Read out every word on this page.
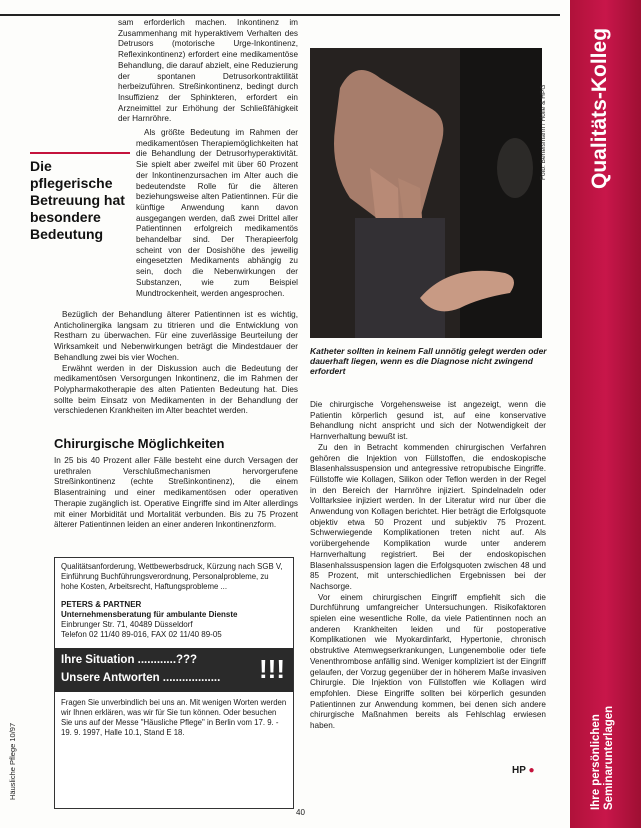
sam erforderlich machen. Inkontinenz im Zusammenhang mit hyperaktivem Verhalten des Detrusors (motorische Urge-Inkontinenz, Reflexinkontinenz) erfordert eine medikamentöse Behandlung, die darauf abzielt, eine Reduzierung der spontanen Detrusorkontraktilität herbeizuführen. Streßinkontinenz, bedingt durch Insuffizienz der Sphinkteren, erfordert ein Arzneimittel zur Erhöhung der Schließfähigkeit der Harnröhre.

Als größte Bedeutung im Rahmen der medikamentösen Therapiemöglichkeiten hat die Behandlung der Detrusorhyperaktivität. Sie spielt aber zweifel mit über 60 Prozent der Inkontinenzursachen im Alter auch die bedeutendste Rolle für die älteren beziehungsweise alten Patientinnen. Für die künftige Anwendung kann davon ausgegangen werden, daß zwei Drittel aller Patientinnen erfolgreich medikamentös behandelbar sind. Der Therapieerfolg scheint von der Dosishöhe des jeweilig eingesetzten Medikaments abhängig zu sein, doch die Nebenwirkungen der Substanzen, wie zum Beispiel Mundtrockenheit, werden angesprochen.

Bezüglich der Behandlung älterer Patientinnen ist es wichtig, Anticholinergika langsam zu titrieren und die Entwicklung von Restharn zu überwachen. Für eine zuverlässige Beurteilung der Wirksamkeit und Nebenwirkungen beträgt die Mindestdauer der Behandlung zwei bis vier Wochen.

Erwähnt werden in der Diskussion auch die Bedeutung der medikamentösen Versorgungen Inkontinenz, die im Rahmen der Polypharmakotherapie des alten Patienten Bedeutung hat. Dies sollte beim Einsatz von Medikamenten in der Behandlung der verschiedenen Krankheiten im Alter beachtet werden.

Die pflegerische Betreuung hat besondere Bedeutung
Chirurgische Möglichkeiten

In 25 bis 40 Prozent aller Fälle besteht eine durch Versagen der urethralen Verschlußmechanismen hervorgerufene Streßinkontinenz (echte Streßinkontinenz), die einem Blasentraining und einer medikamentösen oder operativen Therapie zugänglich ist. Operative Eingriffe sind im Alter allerdings mit einer Morbidität und Mortalität verbunden. Bis zu 75 Prozent älterer Patientinnen leiden an einer anderen Inkontinenzform.

Foto: Bertelsmann / Holle & HPG
Katheter sollten in keinem Fall unnötig gelegt werden oder dauerhaft liegen, wenn es die Diagnose nicht zwingend erfordert

Die chirurgische Vorgehensweise ist angezeigt, wenn die Patientin körperlich gesund ist, auf eine konservative Behandlung nicht anspricht und sich der Notwendigkeit der Harnverhaltung bewußt ist.

Zu den in Betracht kommenden chirurgischen Verfahren gehören die Injektion von Füllstoffen, die endoskopische Blasenhalssuspension und antegressive retropubische Eingriffe. Füllstoffe wie Kollagen, Silikon oder Teflon werden in der Regel in den Bereich der Harnröhre injiziert. Spindelnadeln oder Volltarksiee injiziert werden. In der Literatur wird nur über die Anwendung von Kollagen berichtet. Hier beträgt die Erfolgsquote objektiv etwa 50 Prozent und subjektiv 75 Prozent. Schwerwiegende Komplikationen treten nicht auf. Als vorübergehende Komplikation wurde unter anderem Harnverhaltung registriert. Bei der endoskopischen Blasenhalssuspension lagen die Erfolgsquoten zwischen 48 und 85 Prozent, mit unterschiedlichen Ergebnissen bei der Nachsorge.

Vor einem chirurgischen Eingriff empfiehlt sich die Durchführung umfangreicher Untersuchungen. Risikofaktoren spielen eine wesentliche Rolle, da viele Patientinnen noch an anderen Krankheiten leiden und für postoperative Komplikationen wie Myokardinfarkt, Hypertonie, chronisch obstruktive Atemwegserkrankungen, Lungenembolie oder tiefe Venenthrombose anfällig sind. Weniger kompliziert ist der Eingriff gelaufen, der Vorzug gegenüber der in höherem Maße invasiven Chirurgie. Die Injektion von Füllstoffen wie Kollagen wird empfohlen. Diese Eingriffe sollten bei körperlich gesunden Patientinnen zur Anwendung kommen, bei denen sich andere chirurgische Maßnahmen bereits als Fehlschlag erwiesen haben.

HP ●
Qualitätsanforderung, Wettbewerbsdruck, Kürzung nach SGB V, Einführung Buchführungsverordnung, Personalprobleme, zu hohe Kosten, Arbeitsrecht, Haftungsprobleme ...
PETERS & PARTNER
Unternehmensberatung für ambulante Dienste
Einbrunger Str. 71, 40489 Düsseldorf
Telefon 02 11/40 89-016, FAX 02 11/40 89-05
Ihre Situation ............???
Unsere Antworten .................. !!!
Fragen Sie unverbindlich bei uns an. Mit wenigen Worten werden wir Ihnen erklären, was wir für Sie tun können. Oder besuchen Sie uns auf der Messe "Häusliche Pflege" in Berlin vom 17. 9. - 19. 9. 1997, Halle 10.1, Stand E 18.
Häusliche Pflege 10/97
Qualitäts-Kolleg
Ihre persönlichen Seminarunterlagen
40
